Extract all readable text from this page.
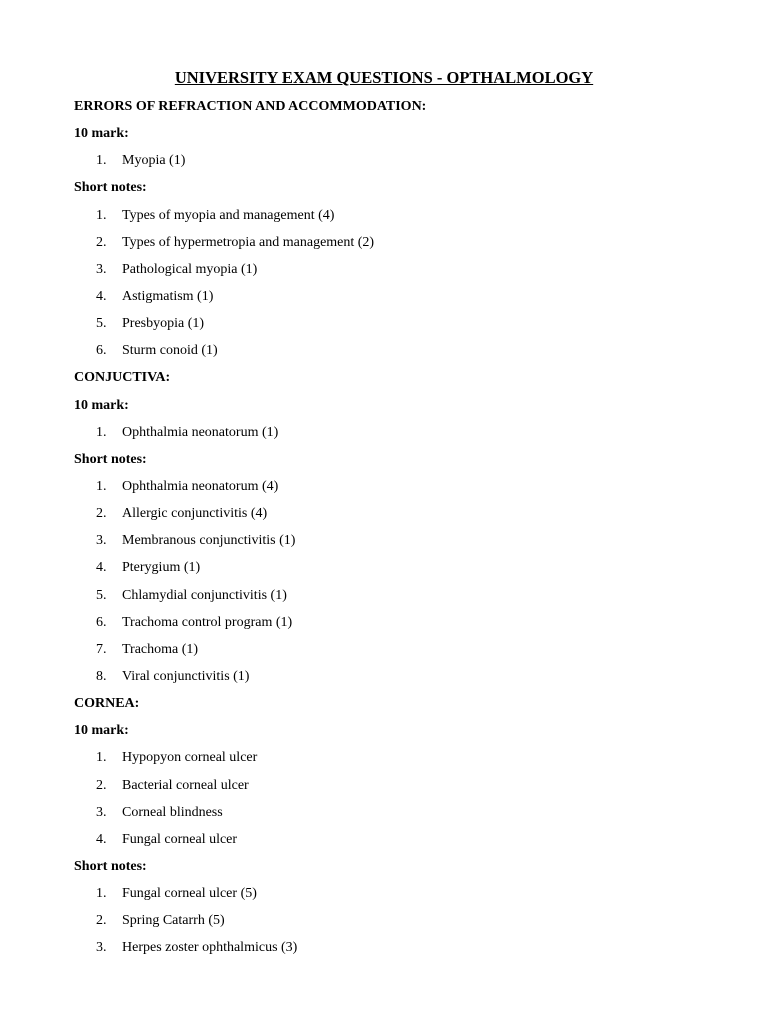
UNIVERSITY EXAM QUESTIONS - OPTHALMOLOGY
ERRORS OF REFRACTION AND ACCOMMODATION:
10 mark:
1.	Myopia (1)
Short notes:
1.	Types of myopia and management (4)
2.	Types of hypermetropia and management (2)
3.	Pathological myopia (1)
4.	Astigmatism (1)
5.	Presbyopia (1)
6.	Sturm conoid (1)
CONJUCTIVA:
10 mark:
1.	Ophthalmia neonatorum (1)
Short notes:
1.	Ophthalmia neonatorum (4)
2.	Allergic conjunctivitis (4)
3.	Membranous conjunctivitis (1)
4.	Pterygium (1)
5.	Chlamydial conjunctivitis (1)
6.	Trachoma control program (1)
7.	Trachoma (1)
8.	Viral conjunctivitis (1)
CORNEA:
10 mark:
1.	Hypopyon corneal ulcer
2.	Bacterial corneal ulcer
3.	Corneal blindness
4.	Fungal corneal ulcer
Short notes:
1.	Fungal corneal ulcer (5)
2.	Spring Catarrh (5)
3.	Herpes zoster ophthalmicus (3)
